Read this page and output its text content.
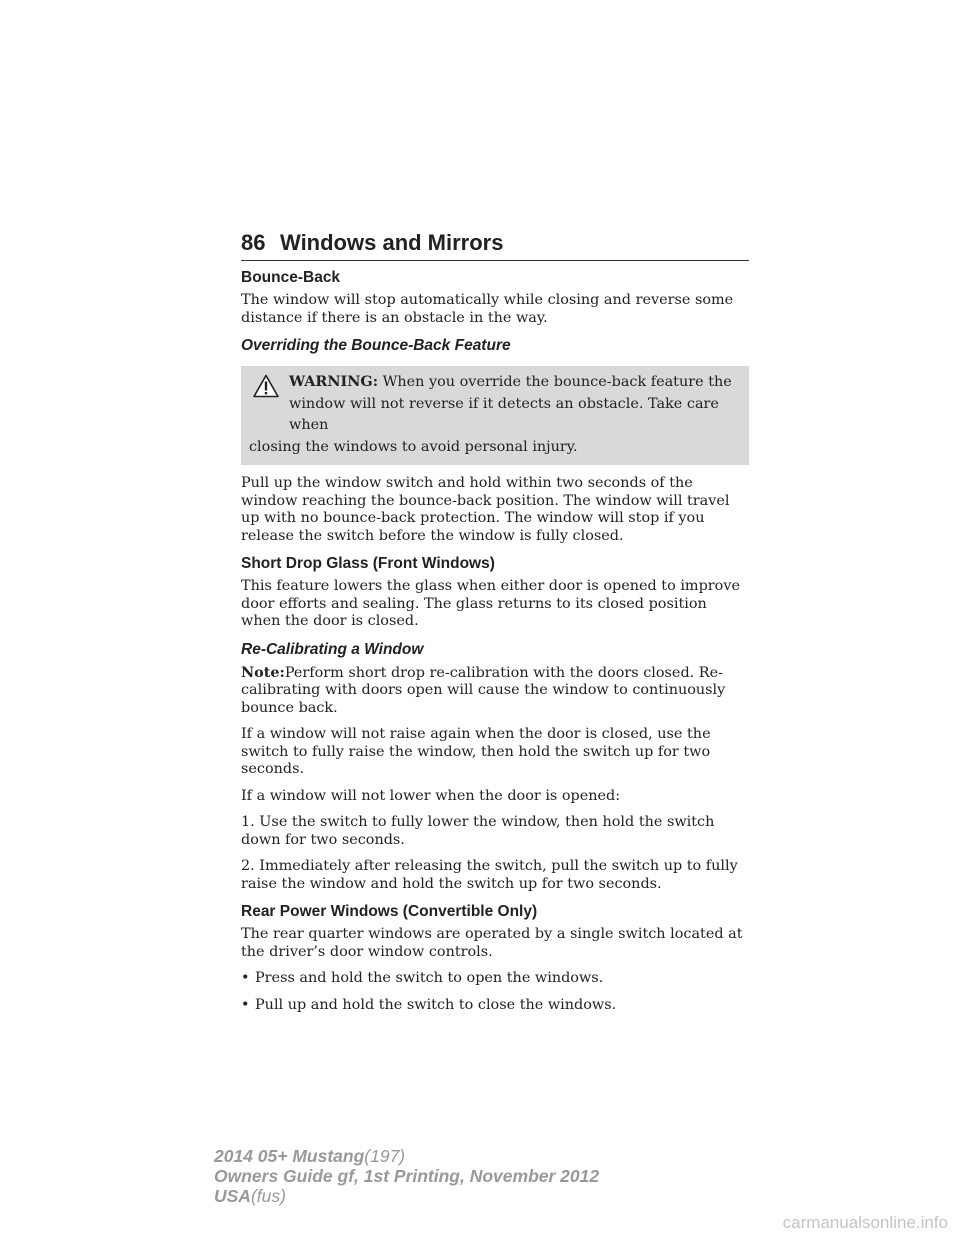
86 Windows and Mirrors
Bounce-Back

The window will stop automatically while closing and reverse some distance if there is an obstacle in the way.

Overriding the Bounce-Back Feature
WARNING: When you override the bounce-back feature the
window will not reverse if it detects an obstacle. Take care when
closing the windows to avoid personal injury.

Pull up the window switch and hold within two seconds of the window reaching the bounce-back position. The window will travel up with no bounce-back protection. The window will stop if you release the switch before the window is fully closed.

Short Drop Glass (Front Windows)

This feature lowers the glass when either door is opened to improve door efforts and sealing. The glass returns to its closed position when the door is closed.

Re-Calibrating a Window

Note:Perform short drop re-calibration with the doors closed. Re-calibrating with doors open will cause the window to continuously bounce back.

If a window will not raise again when the door is closed, use the switch to fully raise the window, then hold the switch up for two seconds.

If a window will not lower when the door is opened:

1. Use the switch to fully lower the window, then hold the switch down for two seconds.

2. Immediately after releasing the switch, pull the switch up to fully raise the window and hold the switch up for two seconds.

Rear Power Windows (Convertible Only)

The rear quarter windows are operated by a single switch located at the driver’s door window controls.

• Press and hold the switch to open the windows.
• Pull up and hold the switch to close the windows.
2014 05+ Mustang(197)
Owners Guide gf, 1st Printing, November 2012
USA(fus)
carmanualsonline.info
